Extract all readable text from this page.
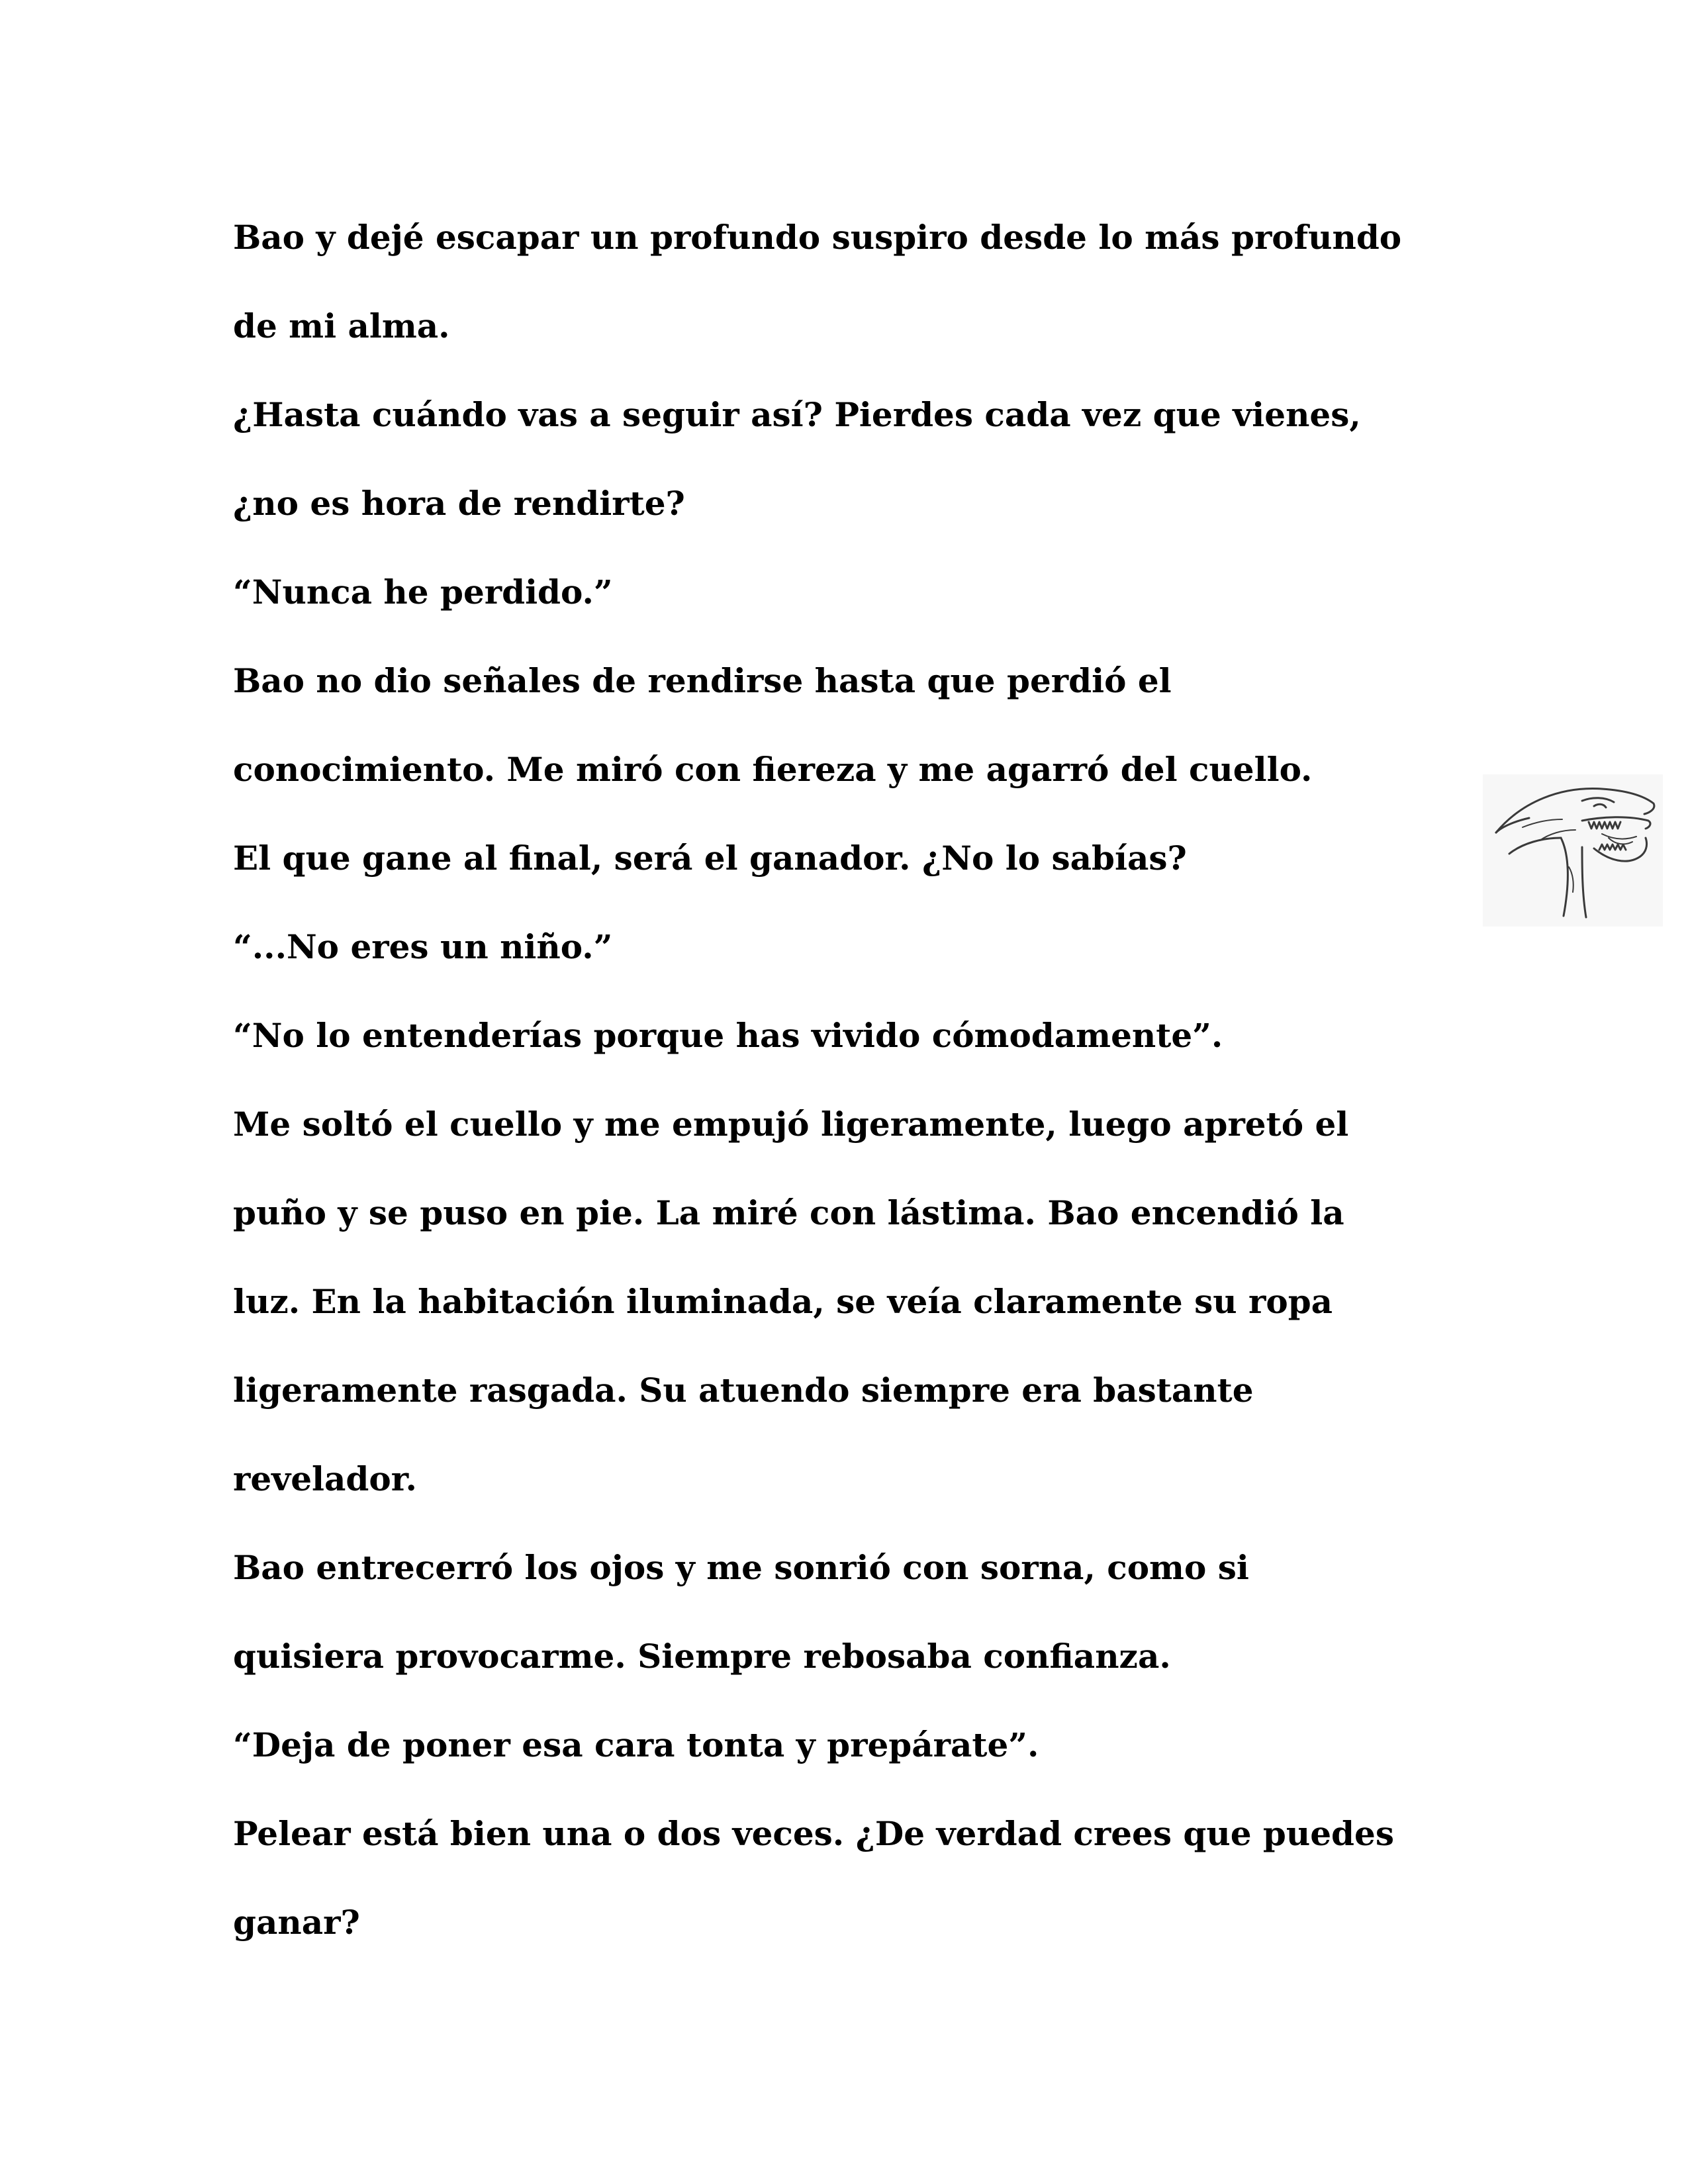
Bao y dejé escapar un profundo suspiro desde lo más profundo
de mi alma.
¿Hasta cuándo vas a seguir así? Pierdes cada vez que vienes,
¿no es hora de rendirte?
“Nunca he perdido.”
Bao no dio señales de rendirse hasta que perdió el
conocimiento. Me miró con fiereza y me agarró del cuello.
El que gane al final, será el ganador. ¿No lo sabías?
“...No eres un niño.”
“No lo entenderías porque has vivido cómodamente”.
Me soltó el cuello y me empujó ligeramente, luego apretó el
puño y se puso en pie. La miré con lástima. Bao encendió la
luz. En la habitación iluminada, se veía claramente su ropa
ligeramente rasgada. Su atuendo siempre era bastante
revelador.
Bao entrecerró los ojos y me sonrió con sorna, como si
quisiera provocarme. Siempre rebosaba confianza.
“Deja de poner esa cara tonta y prepárate”.
Pelear está bien una o dos veces. ¿De verdad crees que puedes
ganar?
